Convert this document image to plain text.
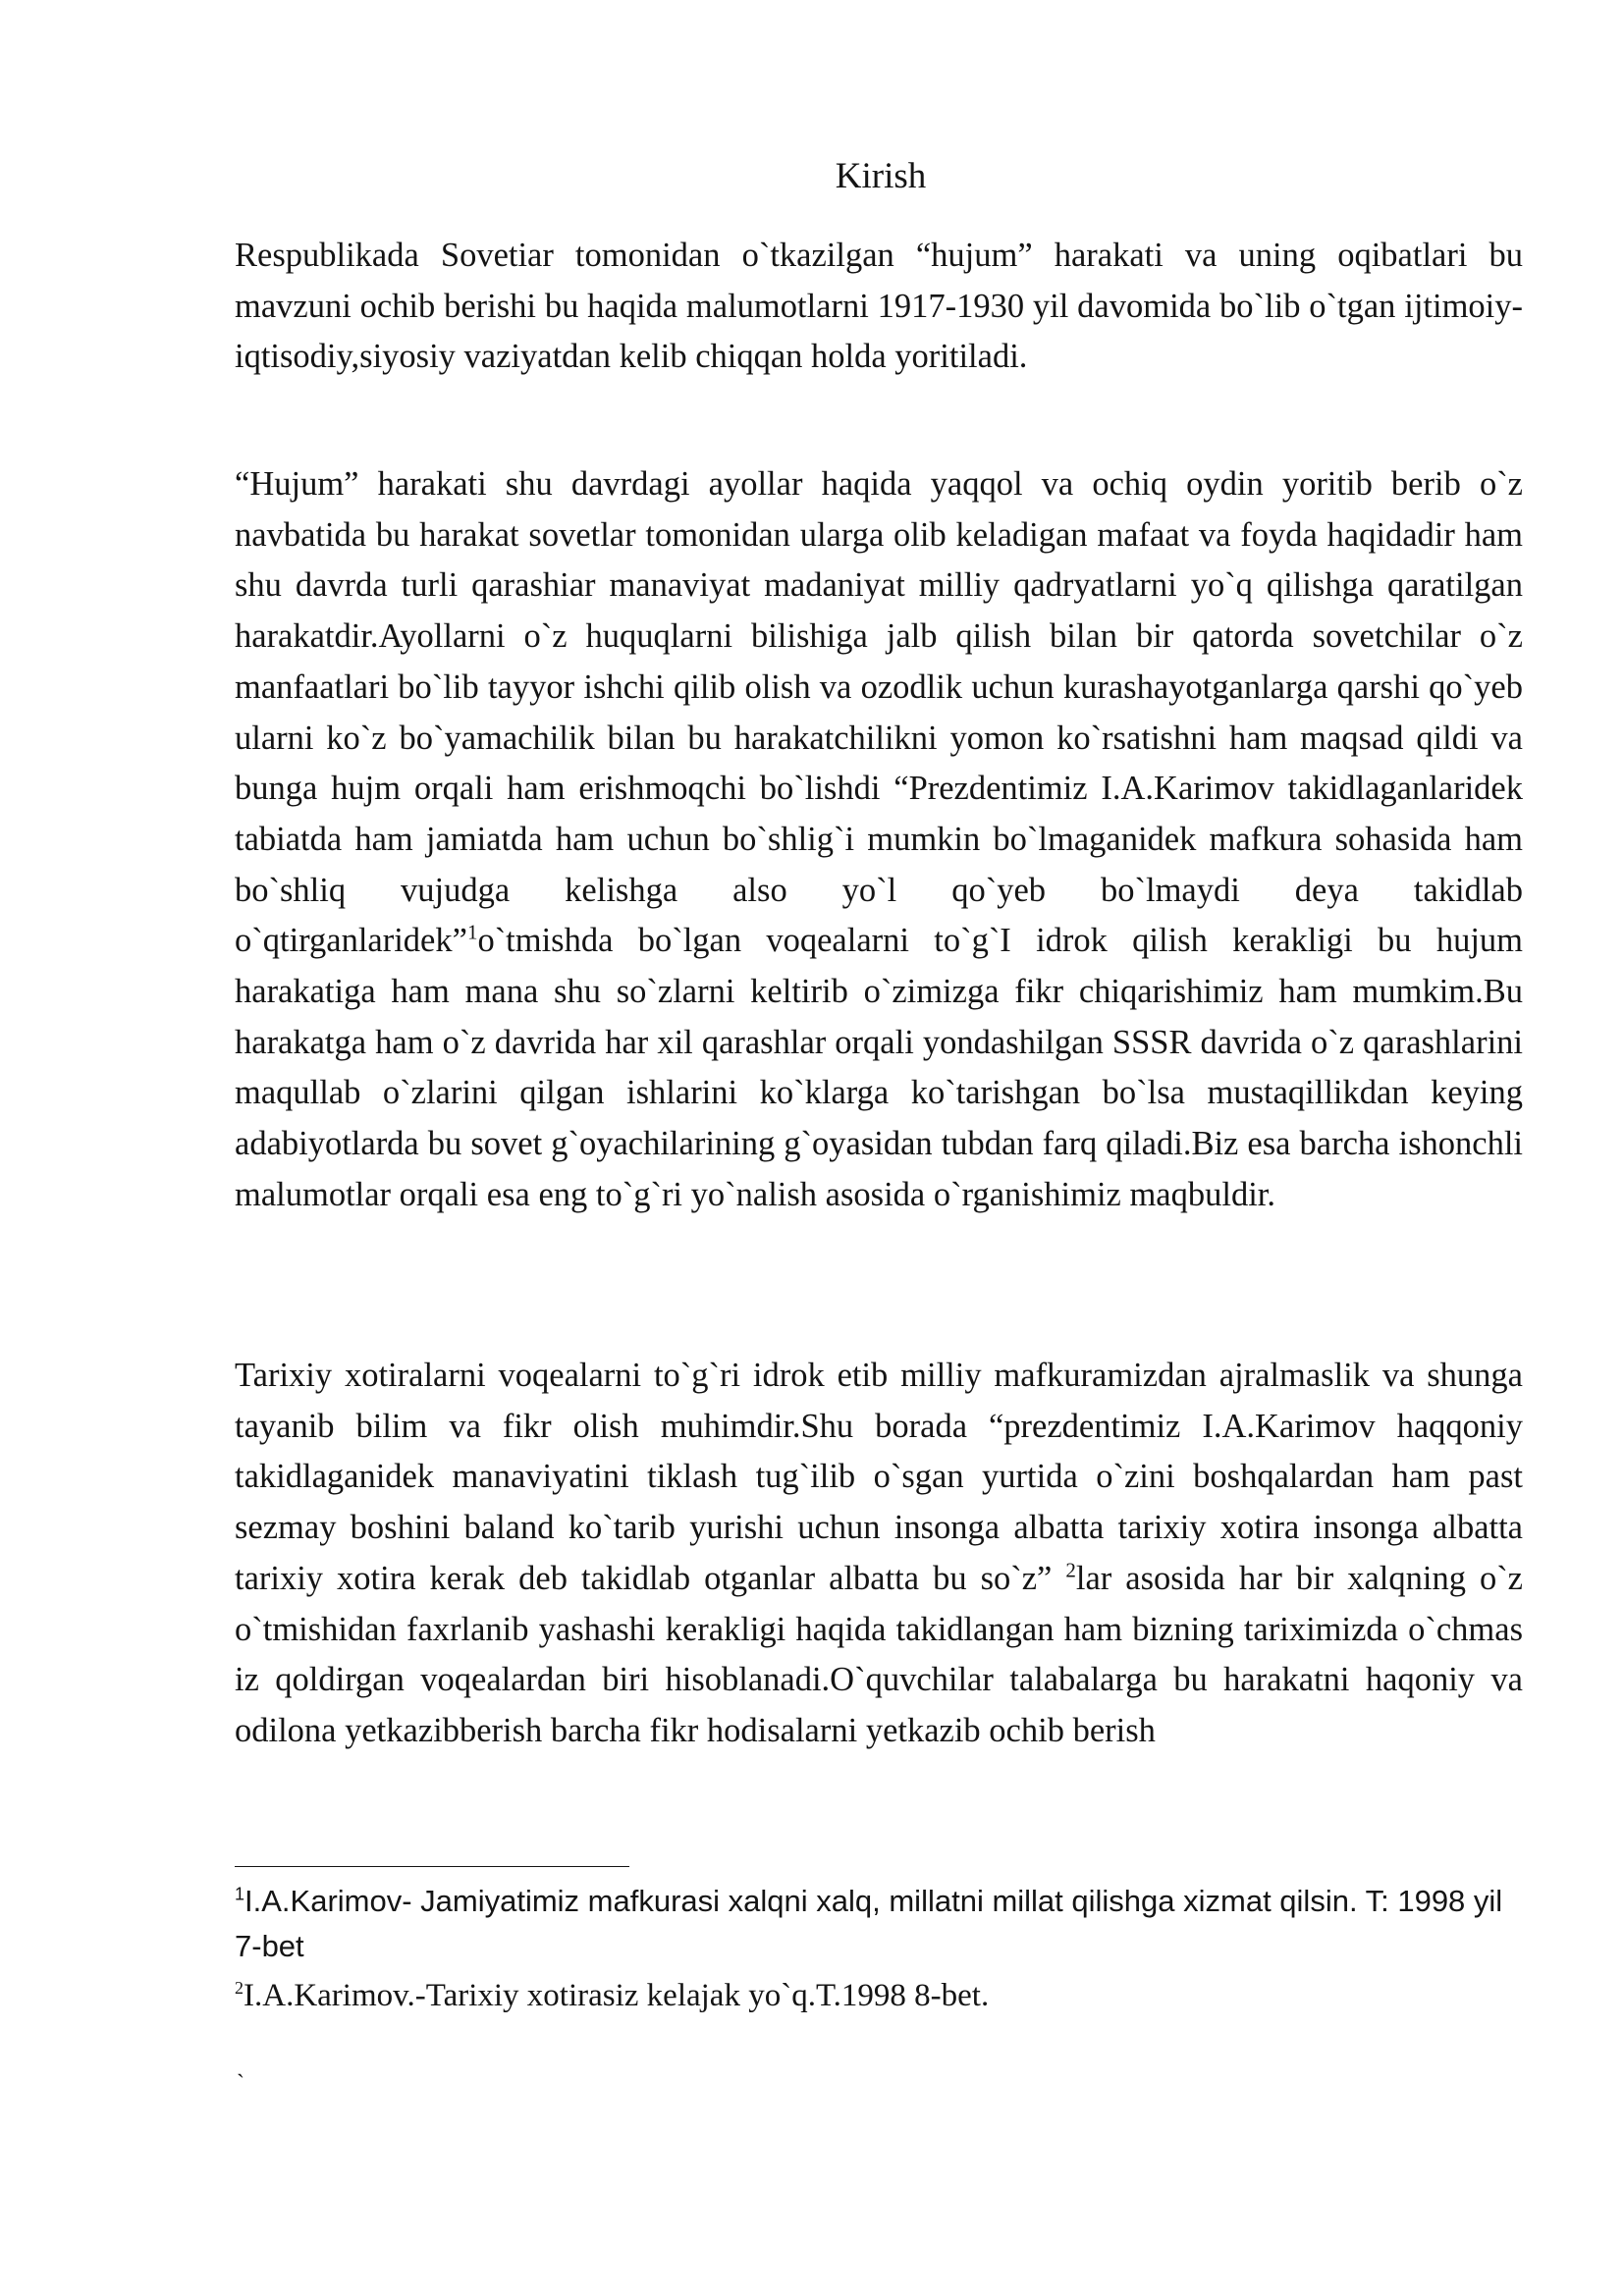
Kirish

Respublikada Sovetiar tomonidan o`tkazilgan “hujum” harakati va uning oqibatlari bu mavzuni ochib berishi bu haqida malumotlarni 1917-1930 yil davomida bo`lib o`tgan ijtimoiy-iqtisodiy,siyosiy vaziyatdan kelib chiqqan holda yoritiladi.

“Hujum” harakati shu davrdagi ayollar haqida yaqqol va ochiq oydin yoritib berib o`z navbatida bu harakat sovetlar tomonidan ularga olib keladigan mafaat va foyda haqidadir ham shu davrda turli qarashiar manaviyat madaniyat milliy qadryatlarni yo`q qilishga qaratilgan harakatdir.Ayollarni o`z huquqlarni bilishiga jalb qilish bilan bir qatorda sovetchilar o`z manfaatlari bo`lib tayyor ishchi qilib olish va ozodlik uchun kurashayotganlarga qarshi qo`yeb ularni ko`z bo`yamachilik bilan bu harakatchilikni yomon ko`rsatishni ham maqsad qildi va bunga hujm orqali ham erishmoqchi bo`lishdi “Prezdentimiz I.A.Karimov takidlaganlaridek tabiatda ham jamiatda ham uchun bo`shlig`i mumkin bo`lmaganidek mafkura sohasida ham bo`shliq vujudga kelishga also yo`l qo`yeb bo`lmaydi deya takidlab o`qtirganlaridek”$^1$o`tmishda bo`lgan voqealarni to`g`I idrok qilish kerakligi bu hujum harakatiga ham mana shu so`zlarni keltirib o`zimizga fikr chiqarishimiz ham mumkim.Bu harakatga ham o`z davrida har xil qarashlar orqali yondashilgan SSSR davrida o`z qarashlarini maqullab o`zlarini qilgan ishlarini ko`klarga ko`tarishgan bo`lsa mustaqillikdan keying adabiyotlarda bu sovet g`oyachilarining g`oyasidan tubdan farq qiladi.Biz esa barcha ishonchli malumotlar orqali esa eng to`g`ri yo`nalish asosida o`rganishimiz maqbuldir.

Tarixiy xotiralarni voqealarni to`g`ri idrok etib milliy mafkuramizdan ajralmaslik va shunga tayanib bilim va fikr olish muhimdir.Shu borada “prezdentimiz I.A.Karimov haqqoniy takidlaganidek manaviyatini tiklash tug`ilib o`sgan yurtida o`zini boshqalardan ham past sezmay boshini baland ko`tarib yurishi uchun insonga albatta tarixiy xotira insonga albatta tarixiy xotira kerak deb takidlab otganlar albatta bu so`z” $^2$lar asosida har bir xalqning o`z o`tmishidan faxrlanib yashashi kerakligi haqida takidlangan ham bizning tariximizda o`chmas iz qoldirgan voqealardan biri hisoblanadi.O`quvchilar talabalarga bu harakatni haqoniy va odilona yetkazibberish barcha fikr hodisalarni yetkazib ochib berish

$^1$I.A.Karimov- Jamiyatimiz mafkurasi xalqni xalq, millatni millat qilishga xizmat qilsin. T: 1998 yil 7-bet

$^2$I.A.Karimov.-Tarixiy xotirasiz kelajak yo`q.T.1998 8-bet.

`
